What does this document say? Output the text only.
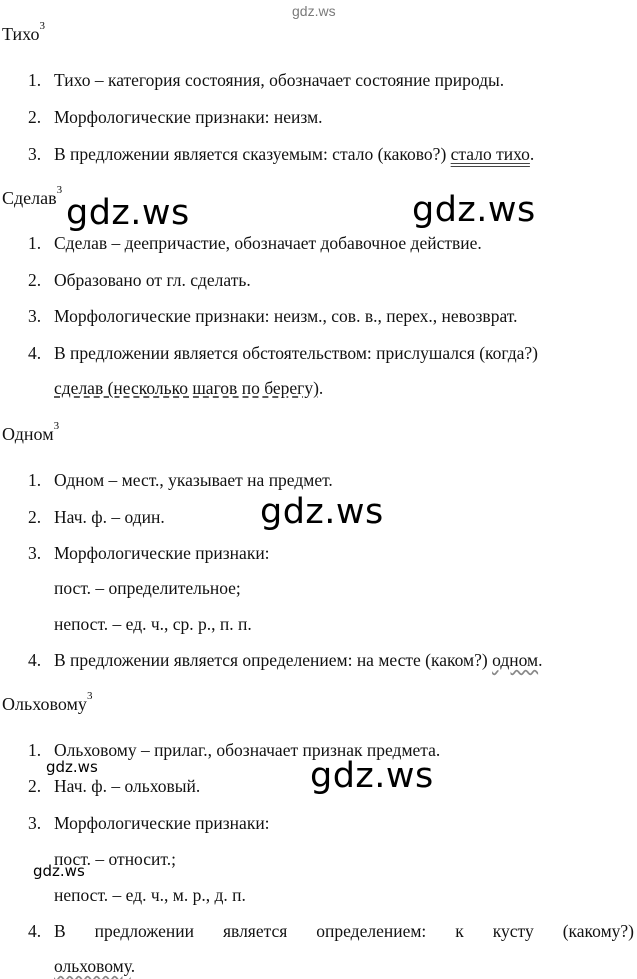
gdz.ws
Тихо$^3$
1. Тихо – категория состояния, обозначает состояние природы.
2. Морфологические признаки: неизм.
3. В предложении является сказуемым: стало (каково?) стало тихо.
Сделав$^3$
1. Сделав – деепричастие, обозначает добавочное действие.
2. Образовано от гл. сделать.
3. Морфологические признаки: неизм., сов. в., перех., невозврат.
4. В предложении является обстоятельством: прислушался (когда?)
сделав (несколько шагов по берегу).
Одном$^3$
1. Одном – мест., указывает на предмет.
2. Нач. ф. – один.
3. Морфологические признаки:
пост. – определительное;
непост. – ед. ч., ср. р., п. п.
4. В предложении является определением: на месте (каком?) одном.
Ольховому$^3$
1. Ольховому – прилаг., обозначает признак предмета.
2. Нач. ф. – ольховый.
3. Морфологические признаки:
пост. – относит.;
непост. – ед. ч., м. р., д. п.
4. В предложении является определением: к кусту (какому?)
ольховому.
gdz.ws	gdz.ws
gdz.ws
gdz.ws
gdz.ws
gdz.ws
